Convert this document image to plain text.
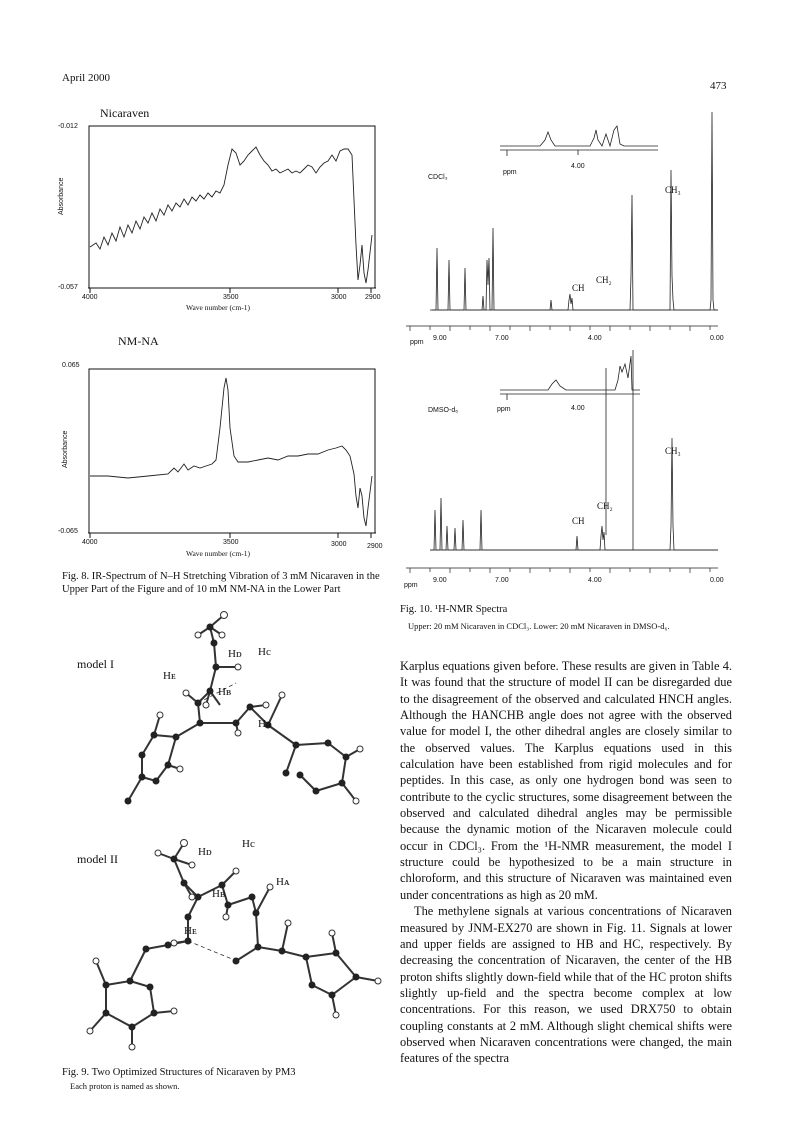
April 2000
473
Nicaraven
-0.012
-0.057
Absorbance
4000	3500	3000	2900
Wave number (cm-1)
NM-NA
0.065
-0.065
Absorbance
4000	3500	3000	2900
Wave number (cm-1)
Fig. 8. IR-Spectrum of N–H Stretching Vibration of 3 mM Nicaraven in the Upper Part of the Figure and of 10 mM NM-NA in the Lower Part
4.00
ppm
CDCl₃
CH₃
CH₂
CH
ppm
9.00	7.00	4.00	0.00
4.00
ppm
DMSO-d₆
CH₃
CH₂
CH
ppm
9.00	7.00	4.00	0.00
Fig. 10. ¹H-NMR Spectra
Upper: 20 mM Nicaraven in CDCl₃. Lower: 20 mM Nicaraven in DMSO-d₆.
model I
model II
Hᴅ Hc
Hᴇ
Hʙ
Hᴀ
Hc
Hᴅ
Hᴀ
Hʙ
Hᴇ
Fig. 9. Two Optimized Structures of Nicaraven by PM3
Each proton is named as shown.

Karplus equations given before. These results are given in Table 4. It was found that the structure of model II can be disregarded due to the disagreement of the observed and calculated HNCH angles. Although the HANCHB angle does not agree with the observed value for model I, the other dihedral angles are closely similar to the observed values. The Karplus equations used in this calculation have been established from rigid molecules and for peptides. In this case, as only one hydrogen bond was seen to contribute to the cyclic structures, some disagreement between the observed and calculated dihedral angles may be permissible because the dynamic motion of the Nicaraven molecule could occur in CDCl₃. From the ¹H-NMR measurement, the model I structure could be hypothesized to be a main structure in chloroform, and this structure of Nicaraven was maintained even under concentrations as high as 20 mM.

The methylene signals at various concentrations of Nicaraven measured by JNM-EX270 are shown in Fig. 11. Signals at lower and upper fields are assigned to HB and HC, respectively. By decreasing the concentration of Nicaraven, the center of the HB proton shifts slightly down-field while that of the HC proton shifts slightly up-field and the spectra become complex at low concentrations. For this reason, we used DRX750 to obtain coupling constants at 2 mM. Although slight chemical shifts were observed when Nicaraven concentrations were changed, the main features of the spectra
